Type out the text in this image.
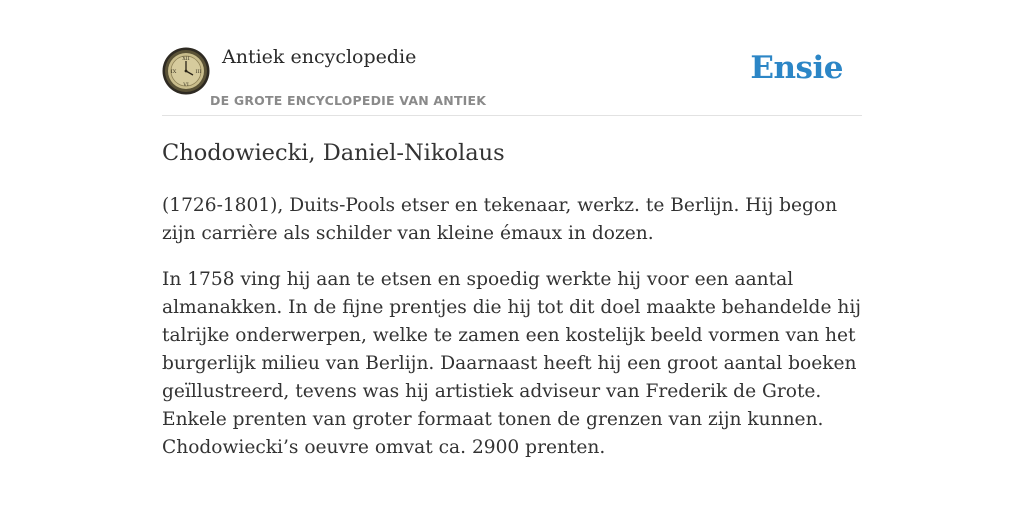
XII
III
VI
IX
Antiek encyclopedie
DE GROTE ENCYCLOPEDIE VAN ANTIEK
Ensie
Chodowiecki, Daniel-Nikolaus

(1726-1801), Duits-Pools etser en tekenaar, werkz. te Berlijn. Hij begon zijn carrière als schilder van kleine émaux in dozen.

In 1758 ving hij aan te etsen en spoedig werkte hij voor een aantal almanakken. In de fijne prentjes die hij tot dit doel maakte behandelde hij talrijke onderwerpen, welke te zamen een kostelijk beeld vormen van het burgerlijk milieu van Berlijn. Daarnaast heeft hij een groot aantal boeken geïllustreerd, tevens was hij artistiek adviseur van Frederik de Grote. Enkele prenten van groter formaat tonen de grenzen van zijn kunnen. Chodowiecki’s oeuvre omvat ca. 2900 prenten.
